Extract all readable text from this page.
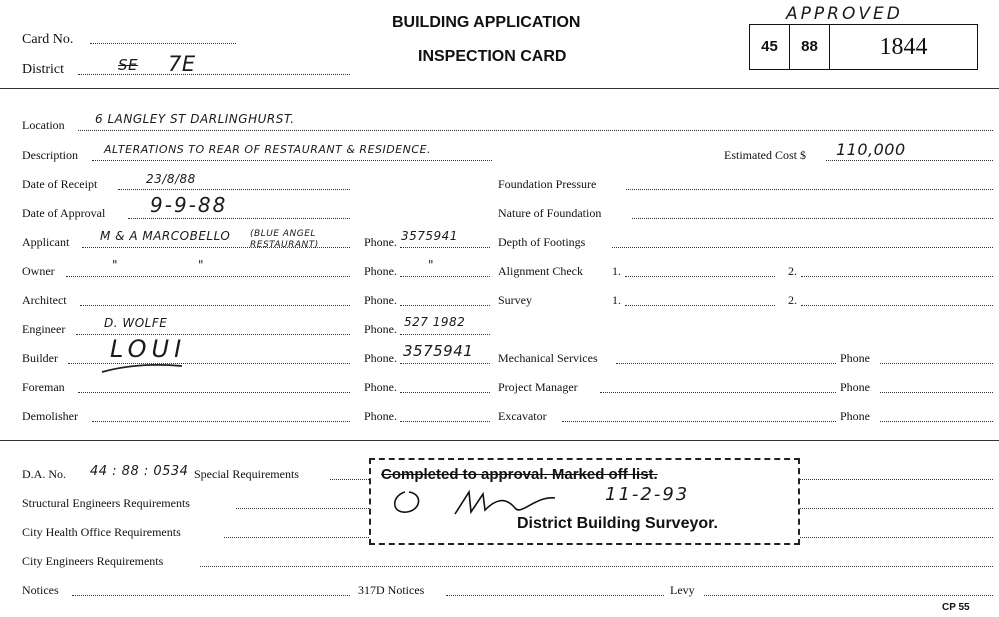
Card No.
District	SE 7E
BUILDING APPLICATION
INSPECTION CARD
APPROVED
45	88	1844
Location	6 LANGLEY ST DARLINGHURST.
Description ALTERATIONS TO REAR OF RESTAURANT & RESIDENCE.	Estimated Cost $ 110,000
Date of Receipt	23/8/88	Foundation Pressure
Date of Approval 9-9-88	Nature of Foundation
Applicant	M & A MARCOBELLO (BLUE ANGEL RESTAURANT)	Phone. 3575941	Depth of Footings
Owner	"	"	Phone.	"	Alignment Check 1.	2.
Architect	Phone.	Survey	1.	2.
Engineer	D. WOLFE	Phone. 527 1982
Builder LOUI	Phone. 3575941 Mechanical Services	Phone
Foreman	Phone.	Project Manager	Phone
Demolisher	Phone.	Excavator	Phone
D.A. No. 44 : 88 : 0534 Special Requirements
Structural Engineers Requirements
City Health Office Requirements
City Engineers Requirements
Notices	317D Notices	Levy
Completed to approval. Marked off list.
11-2-93
District Building Surveyor.
CP 55
